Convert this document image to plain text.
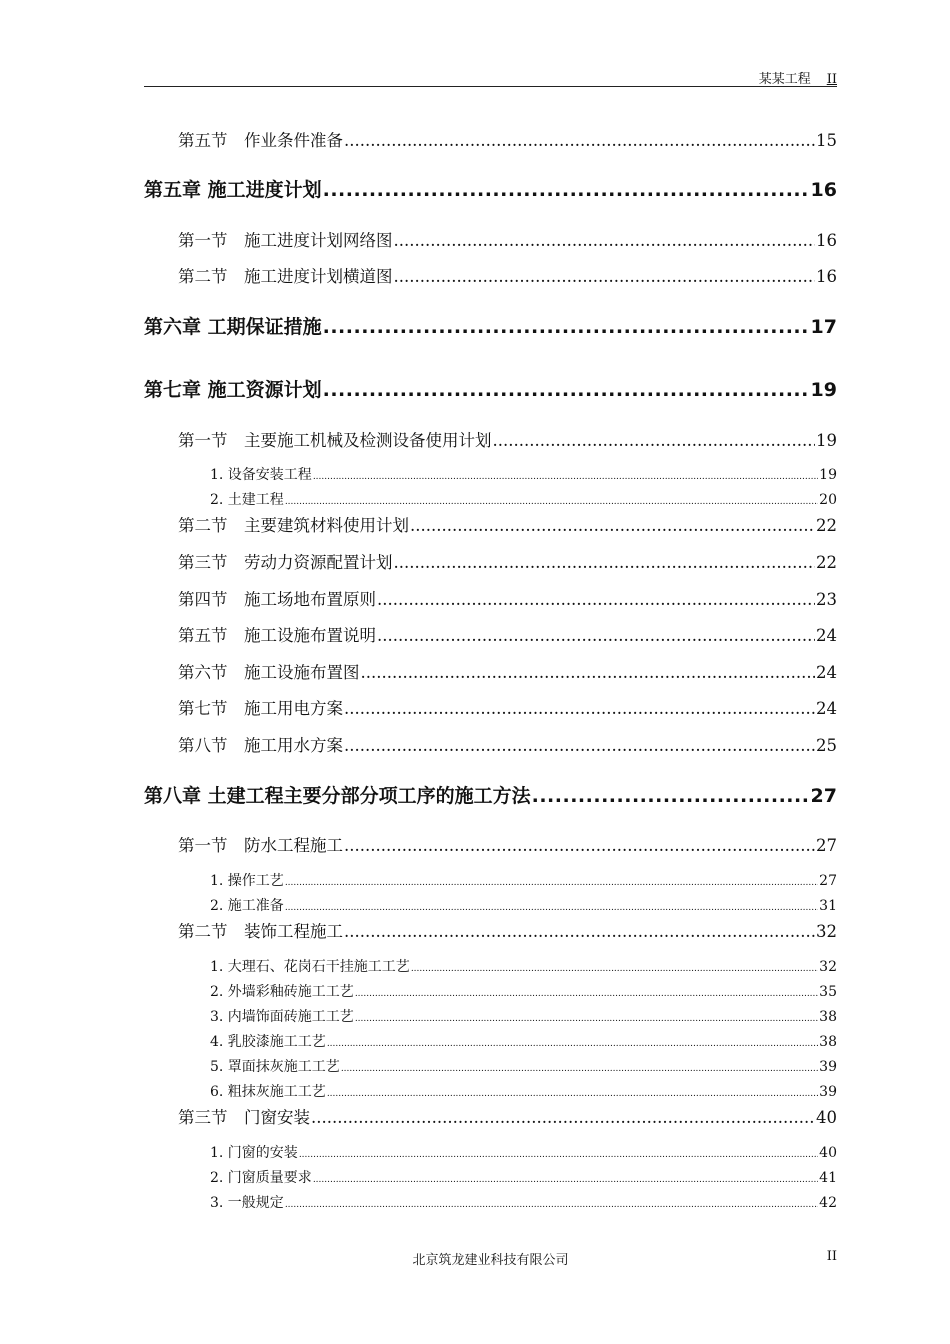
某某工程 II
第五节 作业条件准备 .....	15
第五章 施工进度计划 .....	16
第一节 施工进度计划网络图 .....	16
第二节 施工进度计划横道图 .....	16
第六章 工期保证措施 .....	17
第七章 施工资源计划 .....	19
第一节 主要施工机械及检测设备使用计划 .....	19
1. 设备安装工程 .....	19
2. 土建工程 .....	20
第二节 主要建筑材料使用计划 .....	22
第三节 劳动力资源配置计划 .....	22
第四节 施工场地布置原则 .....	23
第五节 施工设施布置说明 .....	24
第六节 施工设施布置图 .....	24
第七节 施工用电方案 .....	24
第八节 施工用水方案 .....	25
第八章 土建工程主要分部分项工序的施工方法 .....	27
第一节 防水工程施工 .....	27
1. 操作工艺 .....	27
2. 施工准备 .....	31
第二节 装饰工程施工 .....	32
1. 大理石、花岗石干挂施工工艺 .....	32
2. 外墙彩釉砖施工工艺 .....	35
3. 内墙饰面砖施工工艺 .....	38
4. 乳胶漆施工工艺 .....	38
5. 罩面抹灰施工工艺 .....	39
6. 粗抹灰施工工艺 .....	39
第三节 门窗安装 .....	40
1. 门窗的安装 .....	40
2. 门窗质量要求 .....	41
3. 一般规定 .....	42
北京筑龙建业科技有限公司	II
